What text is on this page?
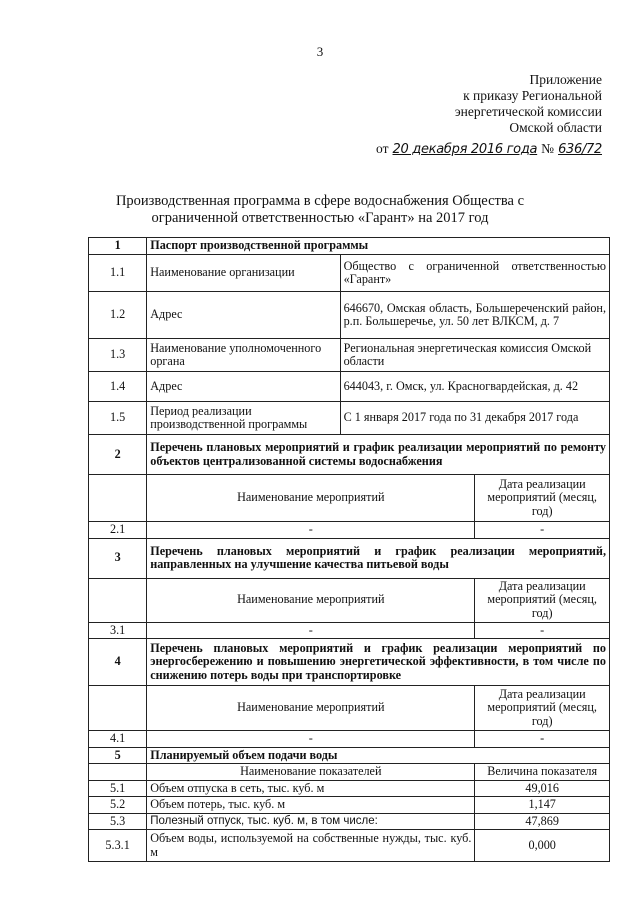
3
Приложение
к приказу Региональной
энергетической комиссии
Омской области
от 20 декабря 2016 года № 636/72
Производственная программа в сфере водоснабжения Общества с
ограниченной ответственностью «Гарант» на 2017 год
1	Паспорт производственной программы		
1.1	Наименование организации	Общество с ограниченной ответственностью «Гарант»	
1.2	Адрес	646670, Омская область, Большереченский район, р.п. Большеречье, ул. 50 лет ВЛКСМ, д. 7	
1.3	Наименование уполномоченного органа	Региональная энергетическая комиссия Омской области	
1.4	Адрес	644043, г. Омск, ул. Красногвардейская, д. 42	
1.5	Период реализации производственной программы	С 1 января 2017 года по 31 декабря 2017 года	
2	Перечень плановых мероприятий и график реализации мероприятий по ремонту объектов централизованной системы водоснабжения		
	Наименование мероприятий		Дата реализации мероприятий (месяц, год)
2.1	-		-
3	Перечень плановых мероприятий и график реализации мероприятий, направленных на улучшение качества питьевой воды		
	Наименование мероприятий		Дата реализации мероприятий (месяц, год)
3.1	-		-
4	Перечень плановых мероприятий и график реализации мероприятий по энергосбережению и повышению энергетической эффективности, в том числе по снижению потерь воды при транспортировке		
	Наименование мероприятий		Дата реализации мероприятий (месяц, год)
4.1	-		-
5	Планируемый объем подачи воды		
	Наименование показателей		Величина показателя
5.1	Объем отпуска в сеть, тыс. куб. м		49,016
5.2	Объем потерь, тыс. куб. м		1,147
5.3	Полезный отпуск, тыс. куб. м, в том числе:		47,869
5.3.1	Объем воды, используемой на собственные нужды, тыс. куб. м		0,000
